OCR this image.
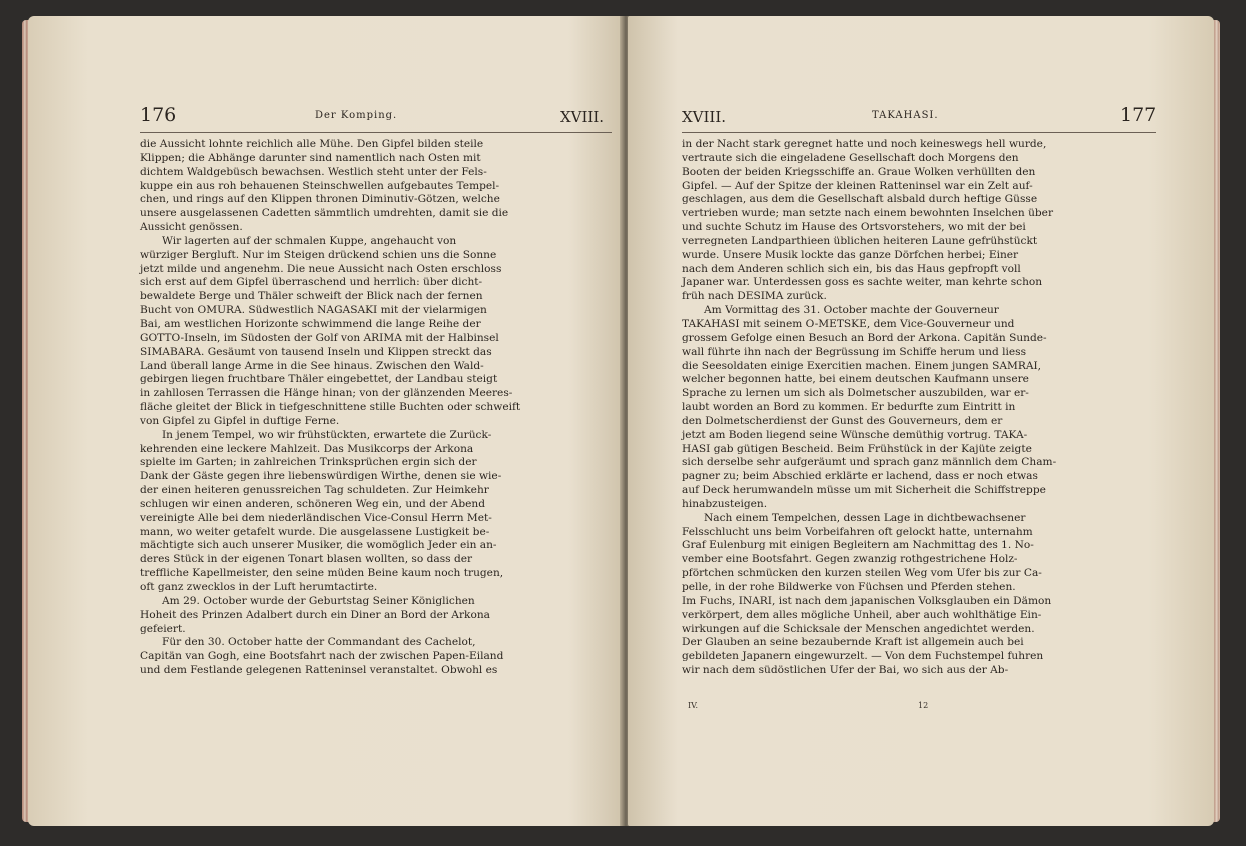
176	Der Komping.	XVIII.

die Aussicht lohnte reichlich alle Mühe. Den Gipfel bilden steile

Klippen; die Abhänge darunter sind namentlich nach Osten mit

dichtem Waldgebüsch bewachsen. Westlich steht unter der Fels-

kuppe ein aus roh behauenen Steinschwellen aufgebautes Tempel-

chen, und rings auf den Klippen thronen Diminutiv-Götzen, welche

unsere ausgelassenen Cadetten sämmtlich umdrehten, damit sie die

Aussicht genössen.

Wir lagerten auf der schmalen Kuppe, angehaucht von

würziger Bergluft. Nur im Steigen drückend schien uns die Sonne

jetzt milde und angenehm. Die neue Aussicht nach Osten erschloss

sich erst auf dem Gipfel überraschend und herrlich: über dicht-

bewaldete Berge und Thäler schweift der Blick nach der fernen

Bucht von OMURA. Südwestlich NAGASAKI mit der vielarmigen

Bai, am westlichen Horizonte schwimmend die lange Reihe der

GOTTO-Inseln, im Südosten der Golf von ARIMA mit der Halbinsel

SIMABARA. Gesäumt von tausend Inseln und Klippen streckt das

Land überall lange Arme in die See hinaus. Zwischen den Wald-

gebirgen liegen fruchtbare Thäler eingebettet, der Landbau steigt

in zahllosen Terrassen die Hänge hinan; von der glänzenden Meeres-

fläche gleitet der Blick in tiefgeschnittene stille Buchten oder schweift

von Gipfel zu Gipfel in duftige Ferne.

In jenem Tempel, wo wir frühstückten, erwartete die Zurück-

kehrenden eine leckere Mahlzeit. Das Musikcorps der Arkona

spielte im Garten; in zahlreichen Trinksprüchen ergin sich der

Dank der Gäste gegen ihre liebenswürdigen Wirthe, denen sie wie-

der einen heiteren genussreichen Tag schuldeten. Zur Heimkehr

schlugen wir einen anderen, schöneren Weg ein, und der Abend

vereinigte Alle bei dem niederländischen Vice-Consul Herrn Met-

mann, wo weiter getafelt wurde. Die ausgelassene Lustigkeit be-

mächtigte sich auch unserer Musiker, die womöglich Jeder ein an-

deres Stück in der eigenen Tonart blasen wollten, so dass der

treffliche Kapellmeister, den seine müden Beine kaum noch trugen,

oft ganz zwecklos in der Luft herumtactirte.

Am 29. October wurde der Geburtstag Seiner Königlichen

Hoheit des Prinzen Adalbert durch ein Diner an Bord der Arkona

gefeiert.

Für den 30. October hatte der Commandant des Cachelot,

Capitän van Gogh, eine Bootsfahrt nach der zwischen Papen-Eiland

und dem Festlande gelegenen Ratteninsel veranstaltet. Obwohl es

XVIII.	TAKAHASI.	177

in der Nacht stark geregnet hatte und noch keineswegs hell wurde,

vertraute sich die eingeladene Gesellschaft doch Morgens den

Booten der beiden Kriegsschiffe an. Graue Wolken verhüllten den

Gipfel. — Auf der Spitze der kleinen Ratteninsel war ein Zelt auf-

geschlagen, aus dem die Gesellschaft alsbald durch heftige Güsse

vertrieben wurde; man setzte nach einem bewohnten Inselchen über

und suchte Schutz im Hause des Ortsvorstehers, wo mit der bei

verregneten Landparthieen üblichen heiteren Laune gefrühstückt

wurde. Unsere Musik lockte das ganze Dörfchen herbei; Einer

nach dem Anderen schlich sich ein, bis das Haus gepfropft voll

Japaner war. Unterdessen goss es sachte weiter, man kehrte schon

früh nach DESIMA zurück.

Am Vormittag des 31. October machte der Gouverneur

TAKAHASI mit seinem O-METSKE, dem Vice-Gouverneur und

grossem Gefolge einen Besuch an Bord der Arkona. Capitän Sunde-

wall führte ihn nach der Begrüssung im Schiffe herum und liess

die Seesoldaten einige Exercitien machen. Einem jungen SAMRAI,

welcher begonnen hatte, bei einem deutschen Kaufmann unsere

Sprache zu lernen um sich als Dolmetscher auszubilden, war er-

laubt worden an Bord zu kommen. Er bedurfte zum Eintritt in

den Dolmetscherdienst der Gunst des Gouverneurs, dem er

jetzt am Boden liegend seine Wünsche demüthig vortrug. TAKA-

HASI gab gütigen Bescheid. Beim Frühstück in der Kajüte zeigte

sich derselbe sehr aufgeräumt und sprach ganz männlich dem Cham-

pagner zu; beim Abschied erklärte er lachend, dass er noch etwas

auf Deck herumwandeln müsse um mit Sicherheit die Schiffstreppe

hinabzusteigen.

Nach einem Tempelchen, dessen Lage in dichtbewachsener

Felsschlucht uns beim Vorbeifahren oft gelockt hatte, unternahm

Graf Eulenburg mit einigen Begleitern am Nachmittag des 1. No-

vember eine Bootsfahrt. Gegen zwanzig rothgestrichene Holz-

pförtchen schmücken den kurzen steilen Weg vom Ufer bis zur Ca-

pelle, in der rohe Bildwerke von Füchsen und Pferden stehen.

Im Fuchs, INARI, ist nach dem japanischen Volksglauben ein Dämon

verkörpert, dem alles mögliche Unheil, aber auch wohlthätige Ein-

wirkungen auf die Schicksale der Menschen angedichtet werden.

Der Glauben an seine bezaubernde Kraft ist allgemein auch bei

gebildeten Japanern eingewurzelt. — Von dem Fuchstempel fuhren

wir nach dem südöstlichen Ufer der Bai, wo sich aus der Ab-

IV.	12
